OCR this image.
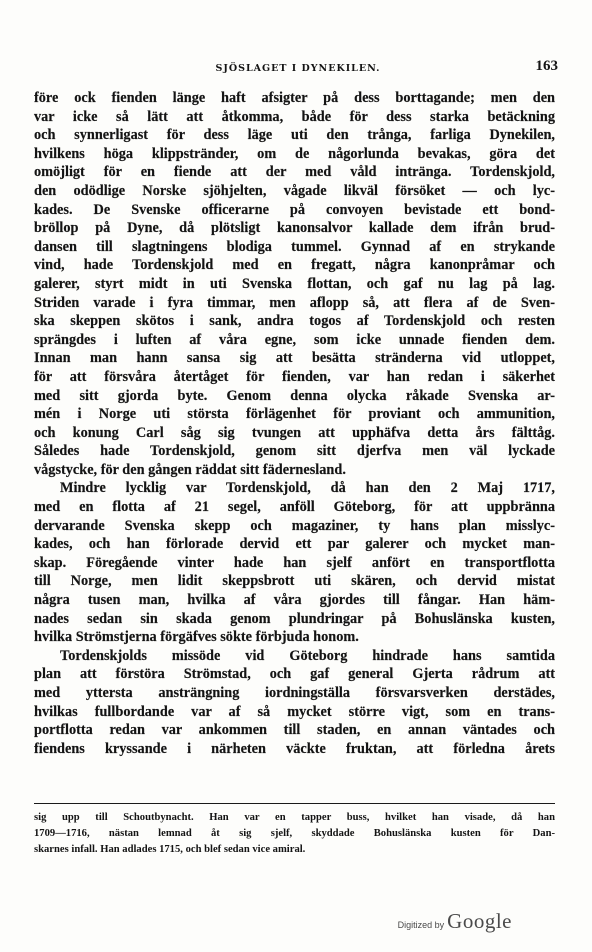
SJÖSLAGET I DYNEKILEN.	163
före ock fienden länge haft afsigter på dess borttagande; men den
var icke så lätt att åtkomma, både för dess starka betäckning
och synnerligast för dess läge uti den trånga, farliga Dynekilen,
hvilkens höga klippstränder, om de någorlunda bevakas, göra det
omöjligt för en fiende att der med våld intränga. Tordenskjold,
den odödlige Norske sjöhjelten, vågade likväl försöket — och lyc-
kades. De Svenske officerarne på convoyen bevistade ett bond-
bröllop på Dyne, då plötsligt kanonsalvor kallade dem ifrån brud-
dansen till slagtningens blodiga tummel. Gynnad af en strykande
vind, hade Tordenskjold med en fregatt, några kanonpråmar och
galerer, styrt midt in uti Svenska flottan, och gaf nu lag på lag.
Striden varade i fyra timmar, men aflopp så, att flera af de Sven-
ska skeppen skötos i sank, andra togos af Tordenskjold och resten
sprängdes i luften af våra egne, som icke unnade fienden dem.
Innan man hann sansa sig att besätta stränderna vid utloppet,
för att försvåra återtåget för fienden, var han redan i säkerhet
med sitt gjorda byte. Genom denna olycka råkade Svenska ar-
mén i Norge uti största förlägenhet för proviant och ammunition,
och konung Carl såg sig tvungen att upphäfva detta års fälttåg.
Således hade Tordenskjold, genom sitt djerfva men väl lyckade
vågstycke, för den gången räddat sitt fädernesland.
Mindre lycklig var Tordenskjold, då han den 2 Maj 1717,
med en flotta af 21 segel, anföll Göteborg, för att uppbränna
dervarande Svenska skepp och magaziner, ty hans plan misslyc-
kades, och han förlorade dervid ett par galerer och mycket man-
skap. Föregående vinter hade han sjelf anfört en transportflotta
till Norge, men lidit skeppsbrott uti skären, och dervid mistat
några tusen man, hvilka af våra gjordes till fångar. Han häm-
nades sedan sin skada genom plundringar på Bohuslänska kusten,
hvilka Strömstjerna förgäfves sökte förbjuda honom.
Tordenskjolds missöde vid Göteborg hindrade hans samtida
plan att förstöra Strömstad, och gaf general Gjerta rådrum att
med yttersta ansträngning iordningställa försvarsverken derstädes,
hvilkas fullbordande var af så mycket större vigt, som en trans-
portflotta redan var ankommen till staden, en annan väntades och
fiendens kryssande i närheten väckte fruktan, att förledna årets
sig upp till Schoutbynacht. Han var en tapper buss, hvilket han visade, då han
1709—1716, nästan lemnad åt sig sjelf, skyddade Bohuslänska kusten för Dan-
skarnes infall. Han adlades 1715, och blef sedan vice amiral.
Digitized by Google
